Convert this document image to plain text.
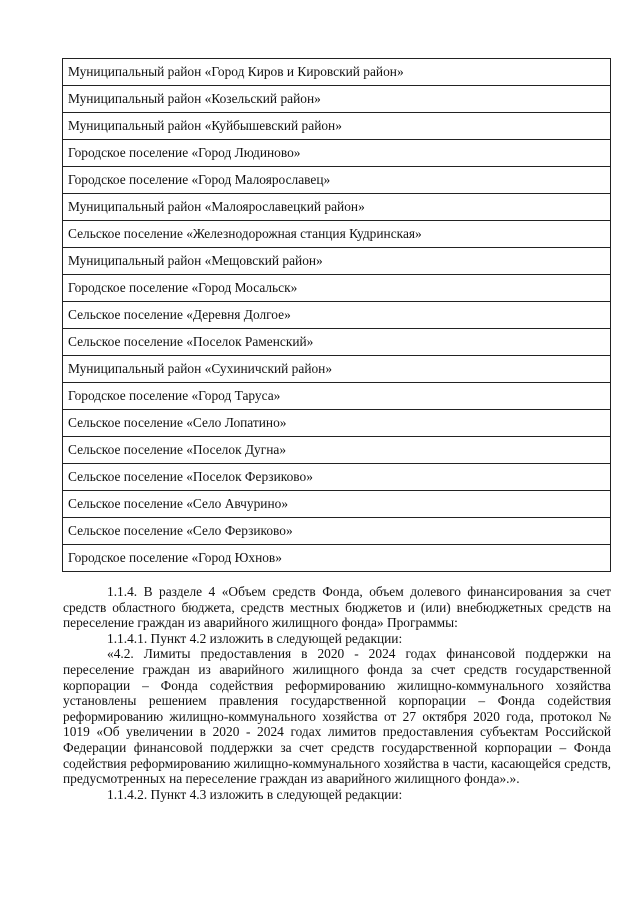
Муниципальный район «Город Киров и Кировский район»
Муниципальный район «Козельский район»
Муниципальный район «Куйбышевский район»
Городское поселение «Город Людиново»
Городское поселение «Город Малоярославец»
Муниципальный район «Малоярославецкий район»
Сельское поселение «Железнодорожная станция Кудринская»
Муниципальный район «Мещовский район»
Городское поселение «Город Мосальск»
Сельское поселение «Деревня Долгое»
Сельское поселение «Поселок Раменский»
Муниципальный район «Сухиничский район»
Городское поселение «Город Таруса»
Сельское поселение «Село Лопатино»
Сельское поселение «Поселок Дугна»
Сельское поселение «Поселок Ферзиково»
Сельское поселение «Село Авчурино»
Сельское поселение «Село Ферзиково»
Городское поселение «Город Юхнов»

1.1.4. В разделе 4 «Объем средств Фонда, объем долевого финансирования за счет средств областного бюджета, средств местных бюджетов и (или) внебюджетных средств на переселение граждан из аварийного жилищного фонда» Программы:

1.1.4.1. Пункт 4.2 изложить в следующей редакции:

«4.2. Лимиты предоставления в 2020 - 2024 годах финансовой поддержки на переселение граждан из аварийного жилищного фонда за счет средств государственной корпорации – Фонда содействия реформированию жилищно-коммунального хозяйства установлены решением правления государственной корпорации – Фонда содействия реформированию жилищно-коммунального хозяйства от 27 октября 2020 года, протокол № 1019 «Об увеличении в 2020 - 2024 годах лимитов предоставления субъектам Российской Федерации финансовой поддержки за счет средств государственной корпорации – Фонда содействия реформированию жилищно-коммунального хозяйства в части, касающейся средств, предусмотренных на переселение граждан из аварийного жилищного фонда».».

1.1.4.2. Пункт 4.3 изложить в следующей редакции:
